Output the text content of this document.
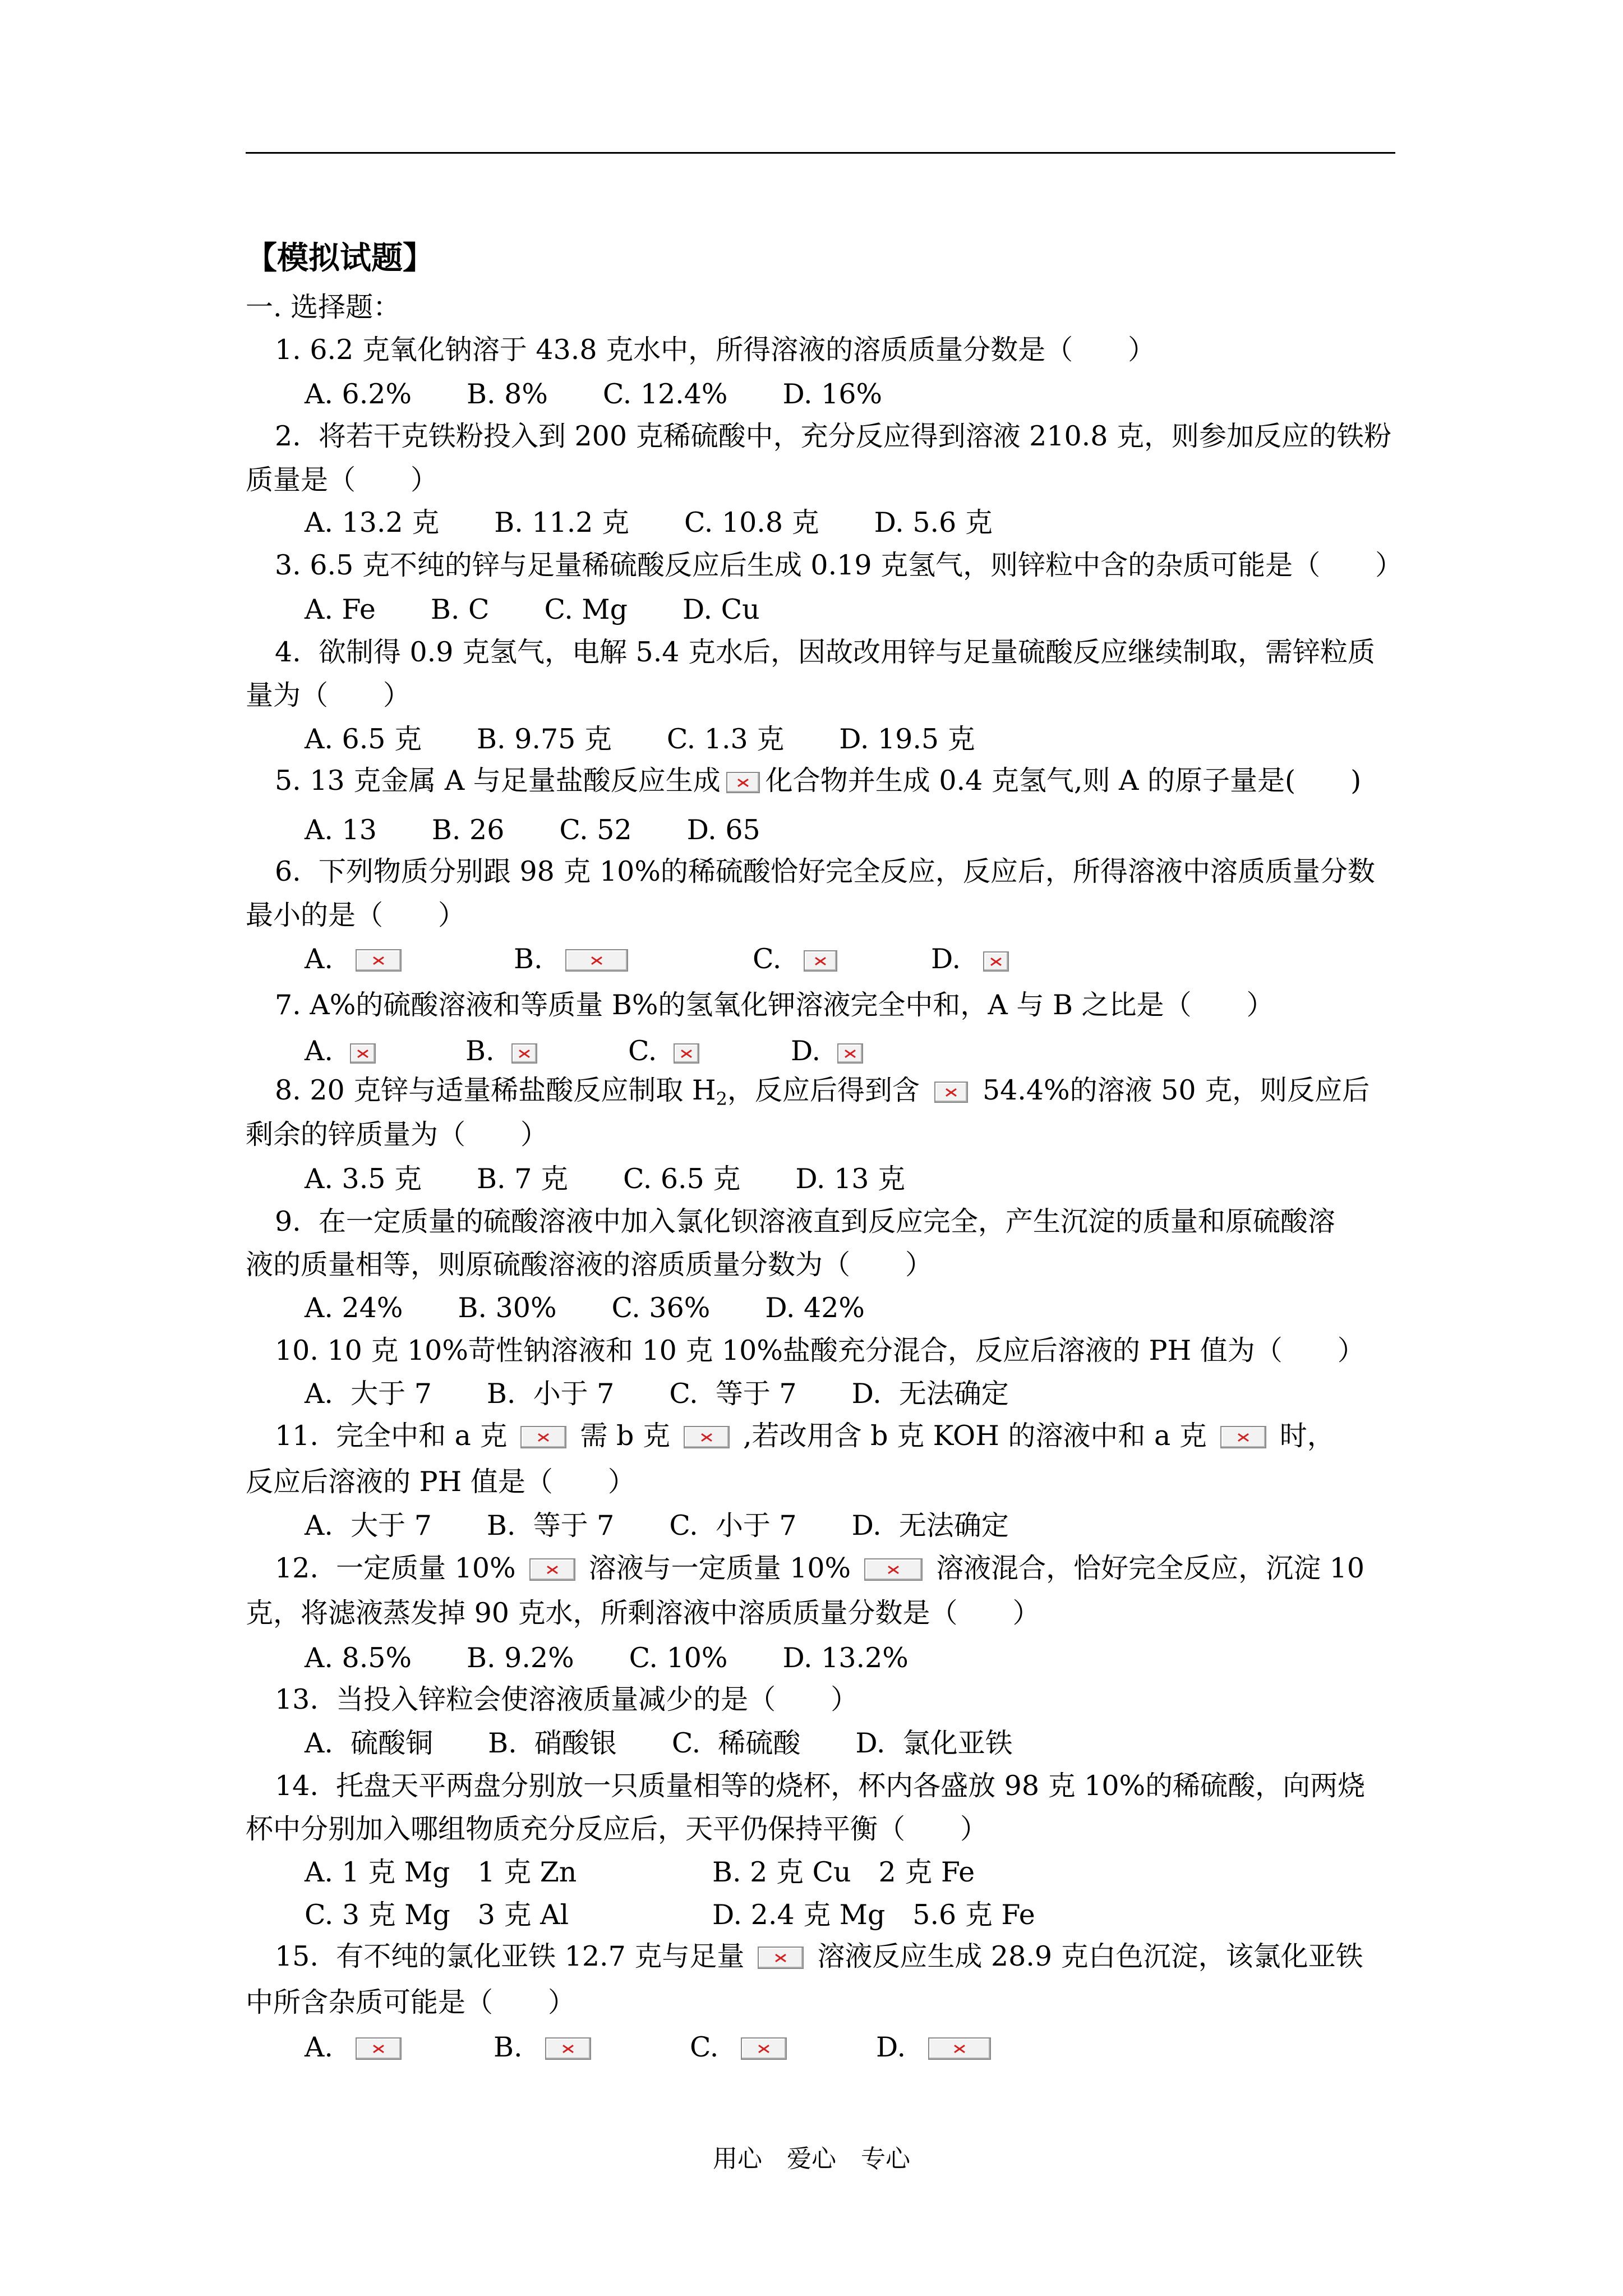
【模拟试题】
一. 选择题：
1. 6.2 克氧化钠溶于 43.8 克水中，所得溶液的溶质质量分数是（　　）
A. 6.2%　　B. 8%　　C. 12.4%　　D. 16%
2.  将若干克铁粉投入到 200 克稀硫酸中，充分反应得到溶液 210.8 克，则参加反应的铁粉
质量是（　　）
A. 13.2 克　　B. 11.2 克　　C. 10.8 克　　D. 5.6 克
3. 6.5 克不纯的锌与足量稀硫酸反应后生成 0.19 克氢气，则锌粒中含的杂质可能是（　　）
A. Fe　　B. C　　C. Mg　　D. Cu
4.  欲制得 0.9 克氢气，电解 5.4 克水后，因故改用锌与足量硫酸反应继续制取，需锌粒质
量为（　　）
A. 6.5 克　　B. 9.75 克　　C. 1.3 克　　D. 19.5 克
5. 13 克金属 A 与足量盐酸反应生成 化合物并生成 0.4 克氢气,则 A 的原子量是(　　)
A. 13　　B. 26　　C. 52　　D. 65
6.  下列物质分别跟 98 克 10%的稀硫酸恰好完全反应，反应后，所得溶液中溶质质量分数
最小的是（　　）
A.	B.	C.	D.
7. A%的硫酸溶液和等质量 B%的氢氧化钾溶液完全中和，A 与 B 之比是（　　）
A.	B.	C.	D.
8. 20 克锌与适量稀盐酸反应制取 $H_2$，反应后得到含 54.4%的溶液 50 克，则反应后
剩余的锌质量为（　　）
A. 3.5 克　　B. 7 克　　C. 6.5 克　　D. 13 克
9.  在一定质量的硫酸溶液中加入氯化钡溶液直到反应完全，产生沉淀的质量和原硫酸溶
液的质量相等，则原硫酸溶液的溶质质量分数为（　　）
A. 24%　　B. 30%　　C. 36%　　D. 42%
10. 10 克 10%苛性钠溶液和 10 克 10%盐酸充分混合，反应后溶液的 PH 值为（　　）
A.  大于 7　　B.  小于 7　　C.  等于 7　　D.  无法确定
11.  完全中和 a 克	需 b 克	,若改用含 b 克 KOH 的溶液中和 a 克	时，
反应后溶液的 PH 值是（　　）
A.  大于 7　　B.  等于 7　　C.  小于 7　　D.  无法确定
12.  一定质量 10%	溶液与一定质量 10%	溶液混合，恰好完全反应，沉淀 10
克，将滤液蒸发掉 90 克水，所剩溶液中溶质质量分数是（　　）
A. 8.5%　　B. 9.2%　　C. 10%　　D. 13.2%
13.  当投入锌粒会使溶液质量减少的是（　　）
A.  硫酸铜　　B.  硝酸银　　C.  稀硫酸　　D.  氯化亚铁
14.  托盘天平两盘分别放一只质量相等的烧杯，杯内各盛放 98 克 10%的稀硫酸，向两烧
杯中分别加入哪组物质充分反应后，天平仍保持平衡（　　）
A. 1 克 Mg　1 克 Zn	B. 2 克 Cu　2 克 Fe
C. 3 克 Mg　3 克 Al	D. 2.4 克 Mg　5.6 克 Fe
15.  有不纯的氯化亚铁 12.7 克与足量	溶液反应生成 28.9 克白色沉淀，该氯化亚铁
中所含杂质可能是（　　）
A.	B.	C.	D.
用心　爱心　专心
